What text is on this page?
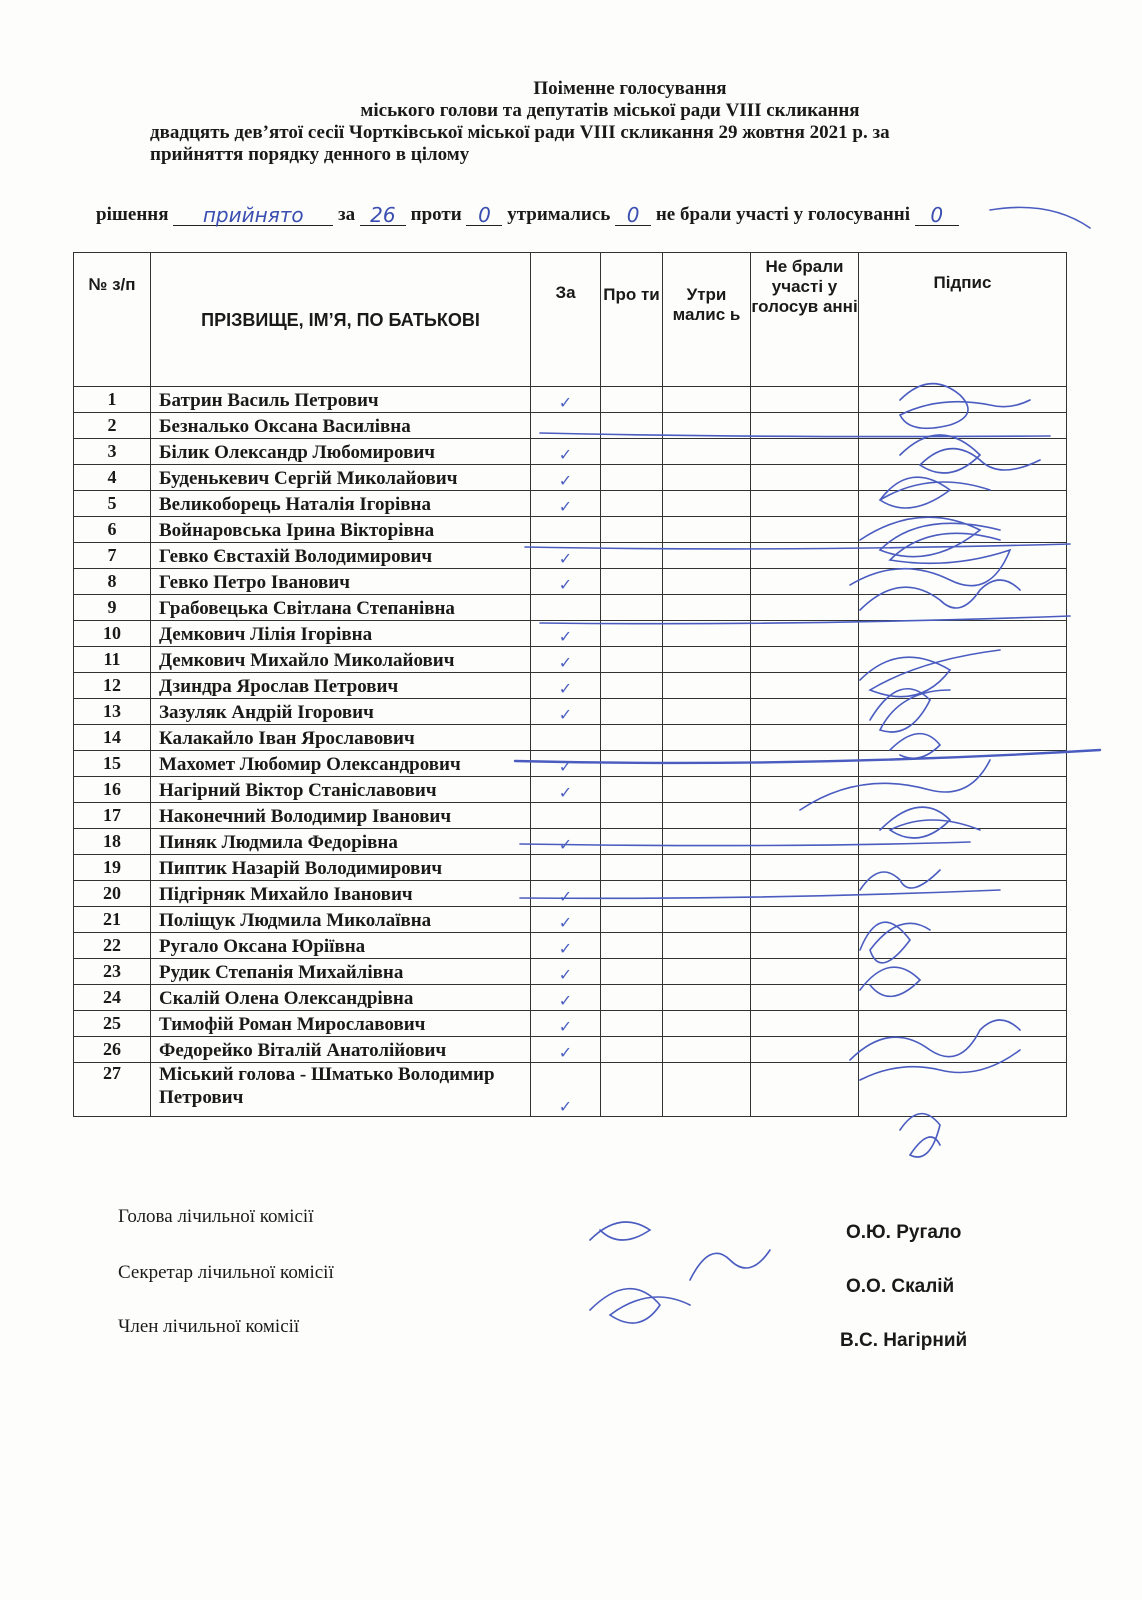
Поіменне голосування
міського голови та депутатів міської ради VIII скликання
двадцять дев’ятої сесії Чортківської міської ради VIII скликання 29 жовтня 2021 р. за
прийняття порядку денного в цілому
рішення прийнято за 26 проти 0 утримались 0 не брали участі у голосуванні 0
№ з/п	ПРІЗВИЩЕ, ІМ’Я, ПО БАТЬКОВІ	За	Про ти	Утри малис ь	Не брали участі у голосув анні	Підпис
1	Батрин Василь Петрович	✓				
2	Безналько Оксана Василівна					
3	Білик Олександр Любомирович	✓				
4	Буденькевич Сергій Миколайович	✓				
5	Великоборець Наталія Ігорівна	✓				
6	Войнаровська Ірина Вікторівна					
7	Гевко Євстахій Володимирович	✓				
8	Гевко Петро Іванович	✓				
9	Грабовецька Світлана Степанівна					
10	Демкович Лілія Ігорівна	✓				
11	Демкович Михайло Миколайович	✓				
12	Дзиндра Ярослав Петрович	✓				
13	Зазуляк Андрій Ігорович	✓				
14	Калакайло Іван Ярославович					
15	Махомет Любомир Олександрович	✓				
16	Нагірний Віктор Станіславович	✓				
17	Наконечний Володимир Іванович					
18	Пиняк Людмила Федорівна	✓				
19	Пиптик Назарій Володимирович					
20	Підгірняк Михайло Іванович	✓				
21	Поліщук Людмила Миколаївна	✓				
22	Ругало Оксана Юріївна	✓				
23	Рудик Степанія Михайлівна	✓				
24	Скалій Олена Олександрівна	✓				
25	Тимофій Роман Мирославович	✓				
26	Федорейко Віталій Анатолійович	✓				
27	Міський голова - Шматько Володимир Петрович	✓				
Голова лічильної комісії
Секретар лічильної комісії
Член лічильної комісії
О.Ю. Ругало
О.О. Скалій
В.С. Нагірний
